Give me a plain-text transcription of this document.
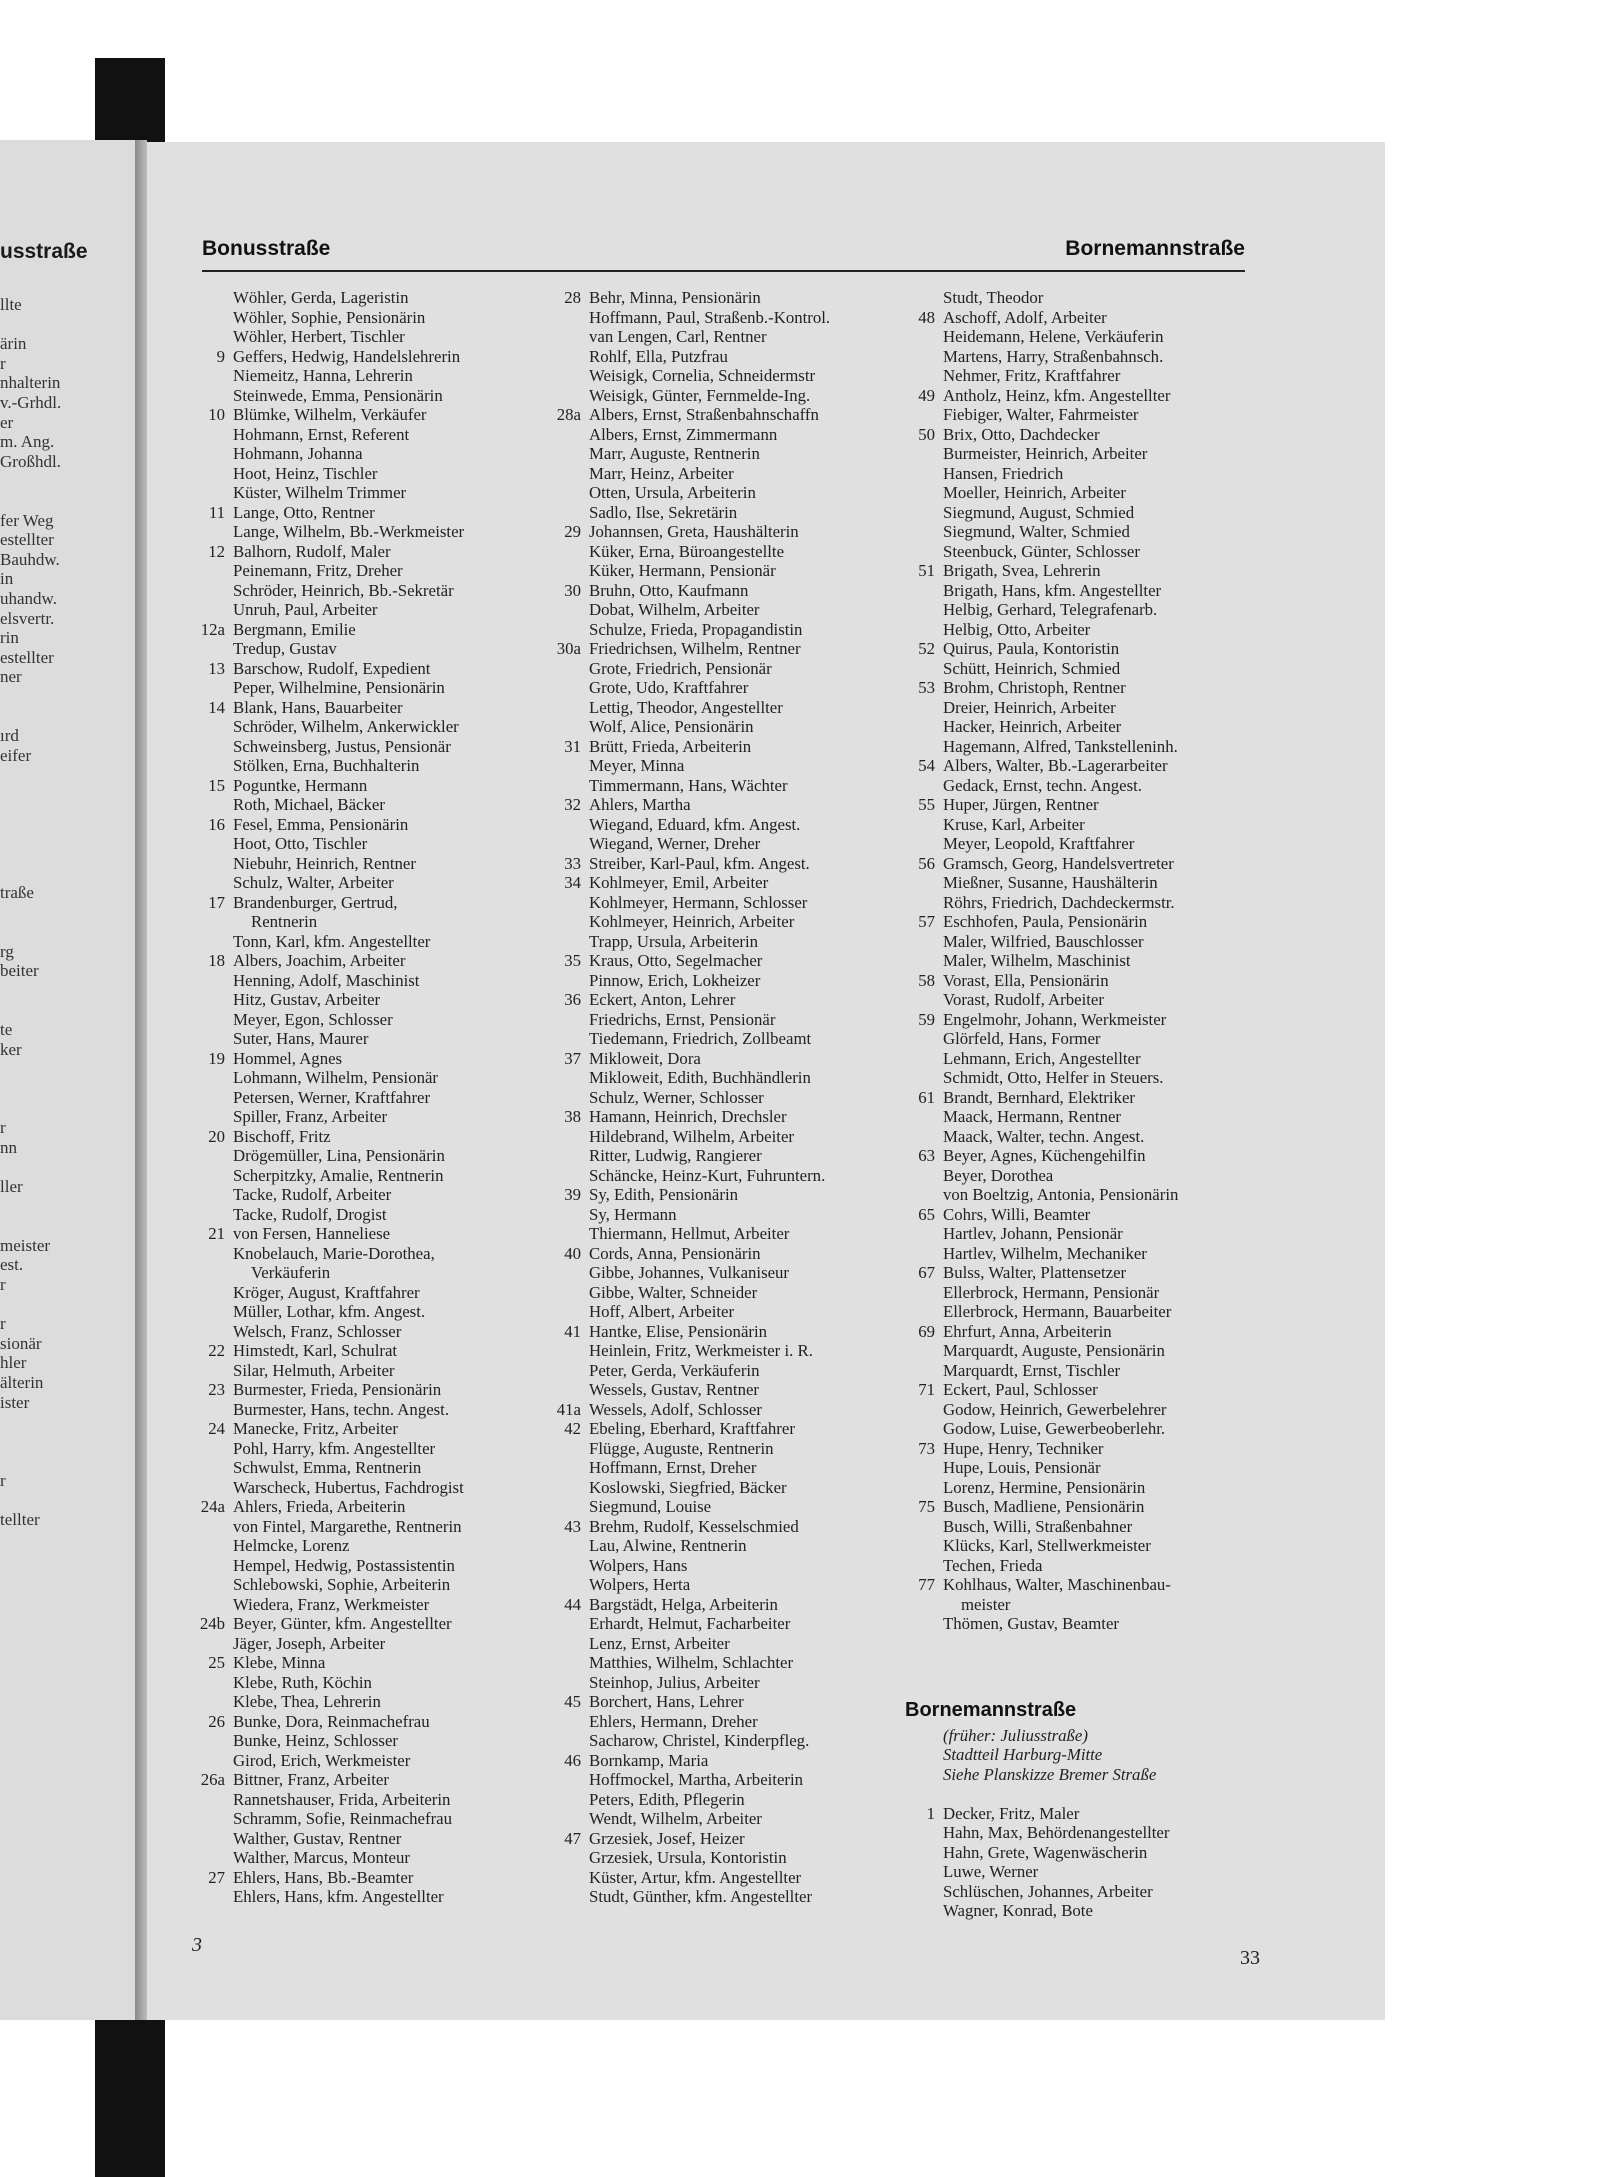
usstraße
llte
ärin
r
nhalterin
v.-Grhdl.
er
m. Ang.
Großhdl.
fer Weg
estellter
Bauhdw.
in
uhandw.
elsvertr.
rin
estellter
ner
ırd
eifer
traße
rg
beiter
te
ker
r
nn
ller
meister
est.
r
r
sionär
hler
älterin
ister
r
tellter
Bonusstraße	Bornemannstraße
Wöhler, Gerda, Lageristin
Wöhler, Sophie, Pensionärin
Wöhler, Herbert, Tischler
9 Geffers, Hedwig, Handelslehrerin
Niemeitz, Hanna, Lehrerin
Steinwede, Emma, Pensionärin
10 Blümke, Wilhelm, Verkäufer
Hohmann, Ernst, Referent
Hohmann, Johanna
Hoot, Heinz, Tischler
Küster, Wilhelm Trimmer
11 Lange, Otto, Rentner
Lange, Wilhelm, Bb.-Werkmeister
12 Balhorn, Rudolf, Maler
Peinemann, Fritz, Dreher
Schröder, Heinrich, Bb.-Sekretär
Unruh, Paul, Arbeiter
12a Bergmann, Emilie
Tredup, Gustav
13 Barschow, Rudolf, Expedient
Peper, Wilhelmine, Pensionärin
14 Blank, Hans, Bauarbeiter
Schröder, Wilhelm, Ankerwickler
Schweinsberg, Justus, Pensionär
Stölken, Erna, Buchhalterin
15 Poguntke, Hermann
Roth, Michael, Bäcker
16 Fesel, Emma, Pensionärin
Hoot, Otto, Tischler
Niebuhr, Heinrich, Rentner
Schulz, Walter, Arbeiter
17 Brandenburger, Gertrud,
Rentnerin
Tonn, Karl, kfm. Angestellter
18 Albers, Joachim, Arbeiter
Henning, Adolf, Maschinist
Hitz, Gustav, Arbeiter
Meyer, Egon, Schlosser
Suter, Hans, Maurer
19 Hommel, Agnes
Lohmann, Wilhelm, Pensionär
Petersen, Werner, Kraftfahrer
Spiller, Franz, Arbeiter
20 Bischoff, Fritz
Drögemüller, Lina, Pensionärin
Scherpitzky, Amalie, Rentnerin
Tacke, Rudolf, Arbeiter
Tacke, Rudolf, Drogist
21 von Fersen, Hanneliese
Knobelauch, Marie-Dorothea,
Verkäuferin
Kröger, August, Kraftfahrer
Müller, Lothar, kfm. Angest.
Welsch, Franz, Schlosser
22 Himstedt, Karl, Schulrat
Silar, Helmuth, Arbeiter
23 Burmester, Frieda, Pensionärin
Burmester, Hans, techn. Angest.
24 Manecke, Fritz, Arbeiter
Pohl, Harry, kfm. Angestellter
Schwulst, Emma, Rentnerin
Warscheck, Hubertus, Fachdrogist
24a Ahlers, Frieda, Arbeiterin
von Fintel, Margarethe, Rentnerin
Helmcke, Lorenz
Hempel, Hedwig, Postassistentin
Schlebowski, Sophie, Arbeiterin
Wiedera, Franz, Werkmeister
24b Beyer, Günter, kfm. Angestellter
Jäger, Joseph, Arbeiter
25 Klebe, Minna
Klebe, Ruth, Köchin
Klebe, Thea, Lehrerin
26 Bunke, Dora, Reinmachefrau
Bunke, Heinz, Schlosser
Girod, Erich, Werkmeister
26a Bittner, Franz, Arbeiter
Rannetshauser, Frida, Arbeiterin
Schramm, Sofie, Reinmachefrau
Walther, Gustav, Rentner
Walther, Marcus, Monteur
27 Ehlers, Hans, Bb.-Beamter
Ehlers, Hans, kfm. Angestellter
28 Behr, Minna, Pensionärin
Hoffmann, Paul, Straßenb.-Kontrol.
van Lengen, Carl, Rentner
Rohlf, Ella, Putzfrau
Weisigk, Cornelia, Schneidermstr
Weisigk, Günter, Fernmelde-Ing.
28a Albers, Ernst, Straßenbahnschaffn
Albers, Ernst, Zimmermann
Marr, Auguste, Rentnerin
Marr, Heinz, Arbeiter
Otten, Ursula, Arbeiterin
Sadlo, Ilse, Sekretärin
29 Johannsen, Greta, Haushälterin
Küker, Erna, Büroangestellte
Küker, Hermann, Pensionär
30 Bruhn, Otto, Kaufmann
Dobat, Wilhelm, Arbeiter
Schulze, Frieda, Propagandistin
30a Friedrichsen, Wilhelm, Rentner
Grote, Friedrich, Pensionär
Grote, Udo, Kraftfahrer
Lettig, Theodor, Angestellter
Wolf, Alice, Pensionärin
31 Brütt, Frieda, Arbeiterin
Meyer, Minna
Timmermann, Hans, Wächter
32 Ahlers, Martha
Wiegand, Eduard, kfm. Angest.
Wiegand, Werner, Dreher
33 Streiber, Karl-Paul, kfm. Angest.
34 Kohlmeyer, Emil, Arbeiter
Kohlmeyer, Hermann, Schlosser
Kohlmeyer, Heinrich, Arbeiter
Trapp, Ursula, Arbeiterin
35 Kraus, Otto, Segelmacher
Pinnow, Erich, Lokheizer
36 Eckert, Anton, Lehrer
Friedrichs, Ernst, Pensionär
Tiedemann, Friedrich, Zollbeamt
37 Mikloweit, Dora
Mikloweit, Edith, Buchhändlerin
Schulz, Werner, Schlosser
38 Hamann, Heinrich, Drechsler
Hildebrand, Wilhelm, Arbeiter
Ritter, Ludwig, Rangierer
Schäncke, Heinz-Kurt, Fuhruntern.
39 Sy, Edith, Pensionärin
Sy, Hermann
Thiermann, Hellmut, Arbeiter
40 Cords, Anna, Pensionärin
Gibbe, Johannes, Vulkaniseur
Gibbe, Walter, Schneider
Hoff, Albert, Arbeiter
41 Hantke, Elise, Pensionärin
Heinlein, Fritz, Werkmeister i. R.
Peter, Gerda, Verkäuferin
Wessels, Gustav, Rentner
41a Wessels, Adolf, Schlosser
42 Ebeling, Eberhard, Kraftfahrer
Flügge, Auguste, Rentnerin
Hoffmann, Ernst, Dreher
Koslowski, Siegfried, Bäcker
Siegmund, Louise
43 Brehm, Rudolf, Kesselschmied
Lau, Alwine, Rentnerin
Wolpers, Hans
Wolpers, Herta
44 Bargstädt, Helga, Arbeiterin
Erhardt, Helmut, Facharbeiter
Lenz, Ernst, Arbeiter
Matthies, Wilhelm, Schlachter
Steinhop, Julius, Arbeiter
45 Borchert, Hans, Lehrer
Ehlers, Hermann, Dreher
Sacharow, Christel, Kinderpfleg.
46 Bornkamp, Maria
Hoffmockel, Martha, Arbeiterin
Peters, Edith, Pflegerin
Wendt, Wilhelm, Arbeiter
47 Grzesiek, Josef, Heizer
Grzesiek, Ursula, Kontoristin
Küster, Artur, kfm. Angestellter
Studt, Günther, kfm. Angestellter
Studt, Theodor
48 Aschoff, Adolf, Arbeiter
Heidemann, Helene, Verkäuferin
Martens, Harry, Straßenbahnsch.
Nehmer, Fritz, Kraftfahrer
49 Antholz, Heinz, kfm. Angestellter
Fiebiger, Walter, Fahrmeister
50 Brix, Otto, Dachdecker
Burmeister, Heinrich, Arbeiter
Hansen, Friedrich
Moeller, Heinrich, Arbeiter
Siegmund, August, Schmied
Siegmund, Walter, Schmied
Steenbuck, Günter, Schlosser
51 Brigath, Svea, Lehrerin
Brigath, Hans, kfm. Angestellter
Helbig, Gerhard, Telegrafenarb.
Helbig, Otto, Arbeiter
52 Quirus, Paula, Kontoristin
Schütt, Heinrich, Schmied
53 Brohm, Christoph, Rentner
Dreier, Heinrich, Arbeiter
Hacker, Heinrich, Arbeiter
Hagemann, Alfred, Tankstelleninh.
54 Albers, Walter, Bb.-Lagerarbeiter
Gedack, Ernst, techn. Angest.
55 Huper, Jürgen, Rentner
Kruse, Karl, Arbeiter
Meyer, Leopold, Kraftfahrer
56 Gramsch, Georg, Handelsvertreter
Mießner, Susanne, Haushälterin
Röhrs, Friedrich, Dachdeckermstr.
57 Eschhofen, Paula, Pensionärin
Maler, Wilfried, Bauschlosser
Maler, Wilhelm, Maschinist
58 Vorast, Ella, Pensionärin
Vorast, Rudolf, Arbeiter
59 Engelmohr, Johann, Werkmeister
Glörfeld, Hans, Former
Lehmann, Erich, Angestellter
Schmidt, Otto, Helfer in Steuers.
61 Brandt, Bernhard, Elektriker
Maack, Hermann, Rentner
Maack, Walter, techn. Angest.
63 Beyer, Agnes, Küchengehilfin
Beyer, Dorothea
von Boeltzig, Antonia, Pensionärin
65 Cohrs, Willi, Beamter
Hartlev, Johann, Pensionär
Hartlev, Wilhelm, Mechaniker
67 Bulss, Walter, Plattensetzer
Ellerbrock, Hermann, Pensionär
Ellerbrock, Hermann, Bauarbeiter
69 Ehrfurt, Anna, Arbeiterin
Marquardt, Auguste, Pensionärin
Marquardt, Ernst, Tischler
71 Eckert, Paul, Schlosser
Godow, Heinrich, Gewerbelehrer
Godow, Luise, Gewerbeoberlehr.
73 Hupe, Henry, Techniker
Hupe, Louis, Pensionär
Lorenz, Hermine, Pensionärin
75 Busch, Madliene, Pensionärin
Busch, Willi, Straßenbahner
Klücks, Karl, Stellwerkmeister
Techen, Frieda
77 Kohlhaus, Walter, Maschinenbau-
meister
Thömen, Gustav, Beamter
Bornemannstraße
(früher: Juliusstraße)
Stadtteil Harburg-Mitte
Siehe Planskizze Bremer Straße
1 Decker, Fritz, Maler
Hahn, Max, Behördenangestellter
Hahn, Grete, Wagenwäscherin
Luwe, Werner
Schlüschen, Johannes, Arbeiter
Wagner, Konrad, Bote
3
33
